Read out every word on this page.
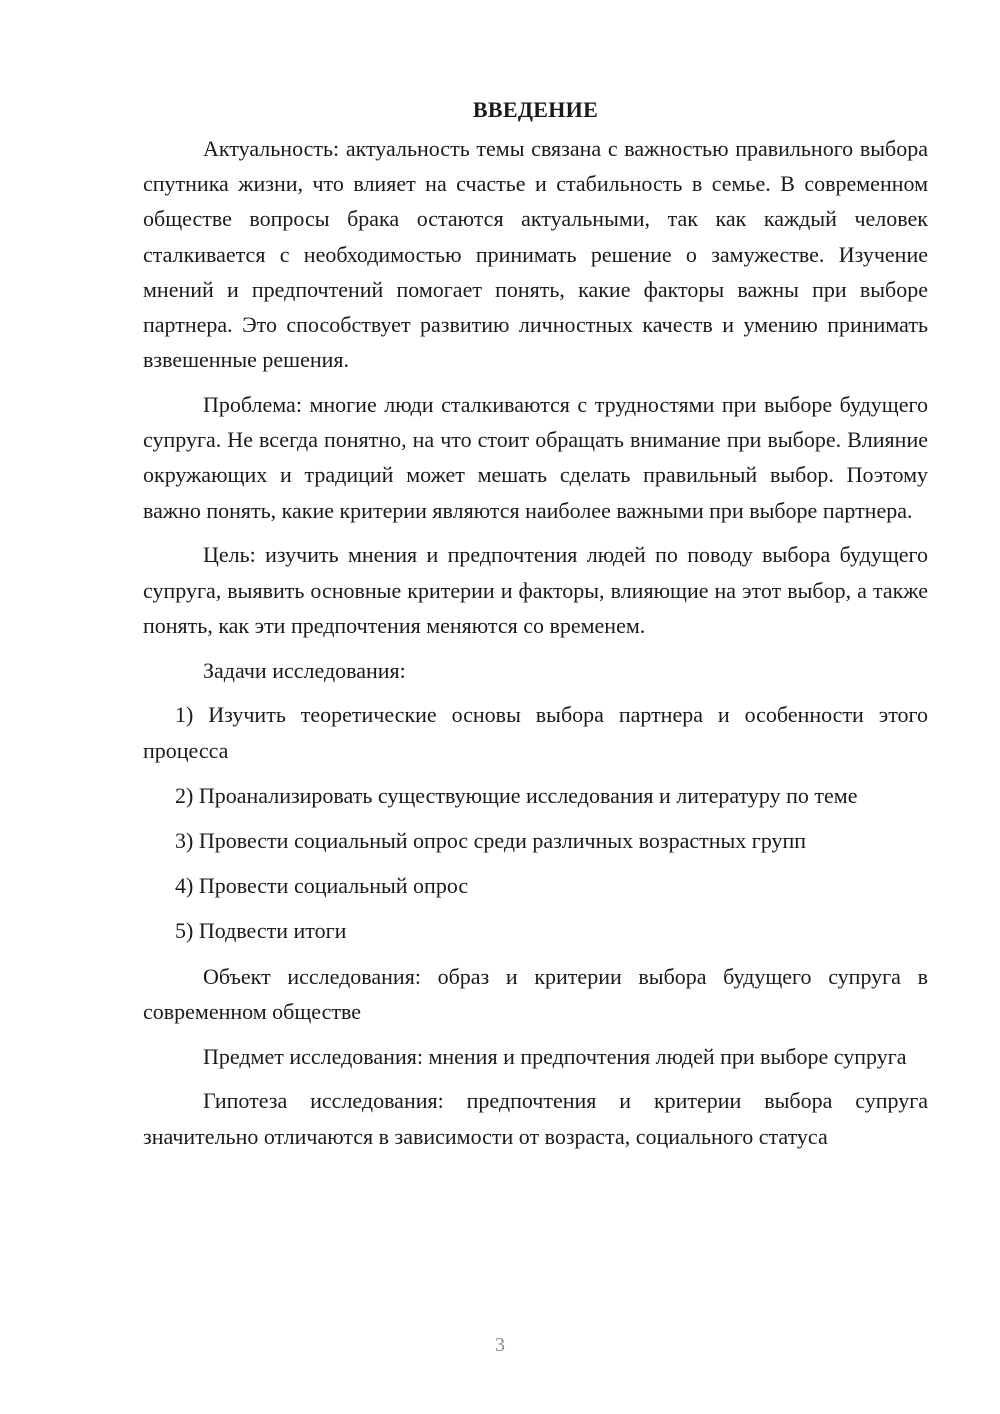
ВВЕДЕНИЕ

Актуальность: актуальность темы связана с важностью правильного выбора спутника жизни, что влияет на счастье и стабильность в семье. В современном обществе вопросы брака остаются актуальными, так как каждый человек сталкивается с необходимостью принимать решение о замужестве. Изучение мнений и предпочтений помогает понять, какие факторы важны при выборе партнера. Это способствует развитию личностных качеств и умению принимать взвешенные решения.

Проблема: многие люди сталкиваются с трудностями при выборе будущего супруга. Не всегда понятно, на что стоит обращать внимание при выборе. Влияние окружающих и традиций может мешать сделать правильный выбор. Поэтому важно понять, какие критерии являются наиболее важными при выборе партнера.

Цель: изучить мнения и предпочтения людей по поводу выбора будущего супруга, выявить основные критерии и факторы, влияющие на этот выбор, а также понять, как эти предпочтения меняются со временем.

Задачи исследования:

1) Изучить теоретические основы выбора партнера и особенности этого процесса

2) Проанализировать существующие исследования и литературу по теме

3) Провести социальный опрос среди различных возрастных групп

4) Провести социальный опрос

5) Подвести итоги

Объект исследования: образ и критерии выбора будущего супруга в современном обществе

Предмет исследования: мнения и предпочтения людей при выборе супруга

Гипотеза исследования: предпочтения и критерии выбора супруга значительно отличаются в зависимости от возраста, социального статуса

3
